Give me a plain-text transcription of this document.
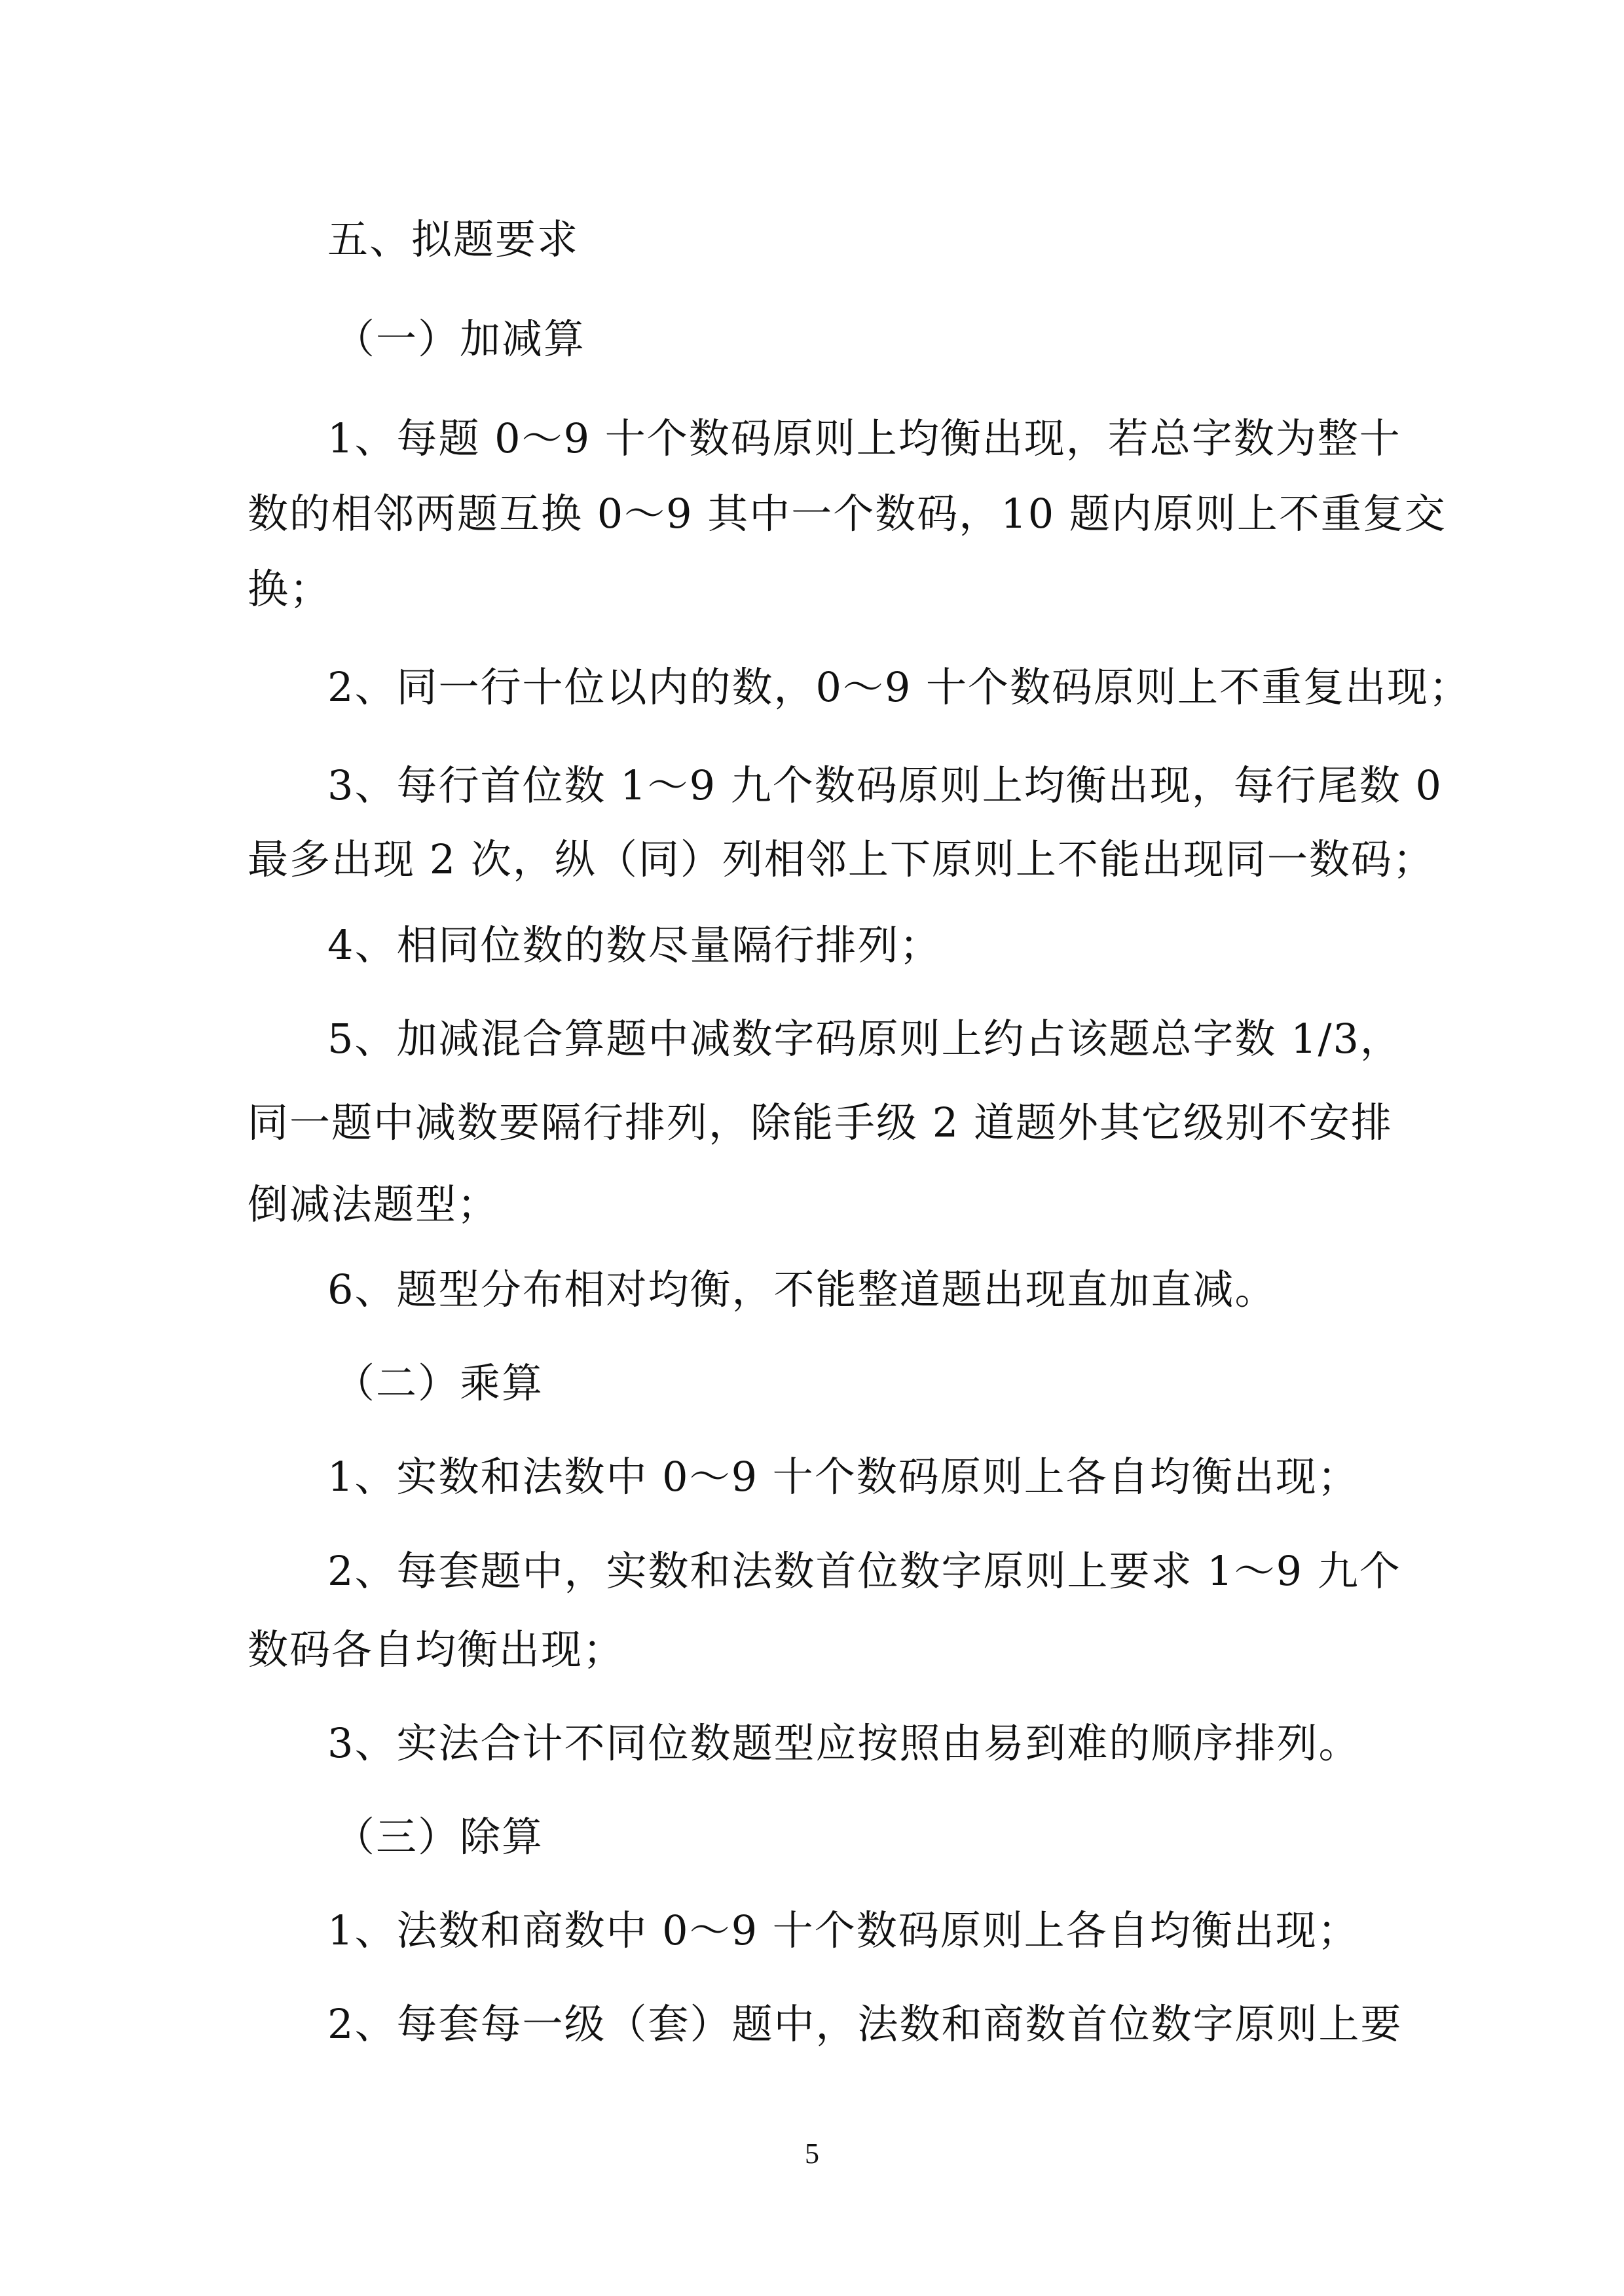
五、拟题要求
（一）加减算
1、每题 0～9 十个数码原则上均衡出现，若总字数为整十
数的相邻两题互换 0～9 其中一个数码，10 题内原则上不重复交
换；
2、同一行十位以内的数，0～9 十个数码原则上不重复出现；
3、每行首位数 1～9 九个数码原则上均衡出现，每行尾数 0
最多出现 2 次，纵（同）列相邻上下原则上不能出现同一数码；
4、相同位数的数尽量隔行排列；
5、加减混合算题中减数字码原则上约占该题总字数 1/3，
同一题中减数要隔行排列，除能手级 2 道题外其它级别不安排
倒减法题型；
6、题型分布相对均衡，不能整道题出现直加直减。
（二）乘算
1、实数和法数中 0～9 十个数码原则上各自均衡出现；
2、每套题中，实数和法数首位数字原则上要求 1～9 九个
数码各自均衡出现；
3、实法合计不同位数题型应按照由易到难的顺序排列。
（三）除算
1、法数和商数中 0～9 十个数码原则上各自均衡出现；
2、每套每一级（套）题中，法数和商数首位数字原则上要
5
